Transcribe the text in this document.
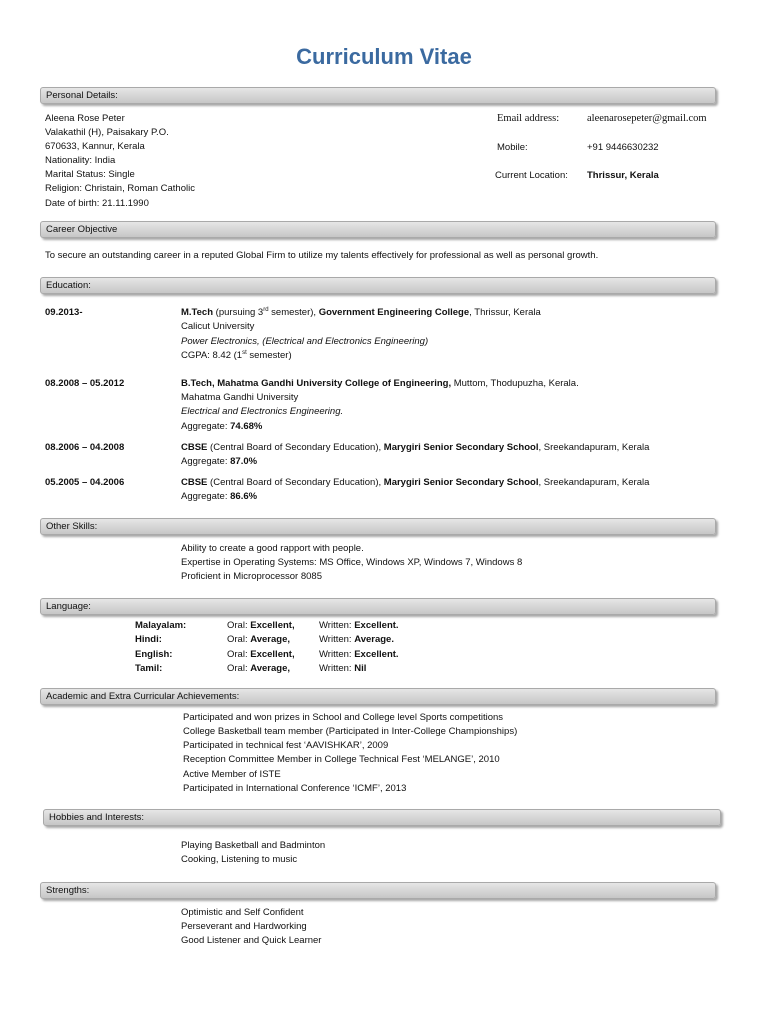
Curriculum Vitae
Personal Details:
Aleena Rose Peter
Valakathil (H), Paisakary P.O.
670633, Kannur, Kerala
Nationality: India
Marital Status: Single
Religion: Christain, Roman Catholic
Date of birth: 21.11.1990
Email address:	aleenarosepeter@gmail.com
Mobile:	+91 9446630232
Current Location: Thrissur, Kerala
Career Objective
To secure an outstanding career in a reputed Global Firm to utilize my talents effectively for professional as well as personal growth.
Education:
09.2013-	M.Tech (pursuing 3rd semester), Government Engineering College, Thrissur, Kerala
Calicut University
Power Electronics, (Electrical and Electronics Engineering)
CGPA: 8.42 (1st semester)
08.2008 – 05.2012	B.Tech, Mahatma Gandhi University College of Engineering, Muttom, Thodupuzha, Kerala.
Mahatma Gandhi University
Electrical and Electronics Engineering.
Aggregate: 74.68%
08.2006 – 04.2008	CBSE (Central Board of Secondary Education), Marygiri Senior Secondary School, Sreekandapuram, Kerala
Aggregate: 87.0%
05.2005 – 04.2006	CBSE (Central Board of Secondary Education), Marygiri Senior Secondary School, Sreekandapuram, Kerala
Aggregate: 86.6%
Other Skills:
Ability to create a good rapport with people.
Expertise in Operating Systems: MS Office, Windows XP, Windows 7, Windows 8
Proficient in Microprocessor 8085
Language:
Malayalam:	Oral: Excellent,	Written: Excellent.
Hindi:	Oral: Average,	Written: Average.
English:	Oral: Excellent,	Written: Excellent.
Tamil:	Oral: Average,	Written: Nil
Academic and Extra Curricular Achievements:
Participated and won prizes in School and College level Sports competitions
College Basketball team member (Participated in Inter-College Championships)
Participated in technical fest ‘AAVISHKAR’, 2009
Reception Committee Member in College Technical Fest ‘MELANGE’, 2010
Active Member of ISTE
Participated in International Conference ‘ICMF’, 2013
Hobbies and Interests:
Playing Basketball and Badminton
Cooking, Listening to music
Strengths:
Optimistic and Self Confident
Perseverant and Hardworking
Good Listener and Quick Learner
